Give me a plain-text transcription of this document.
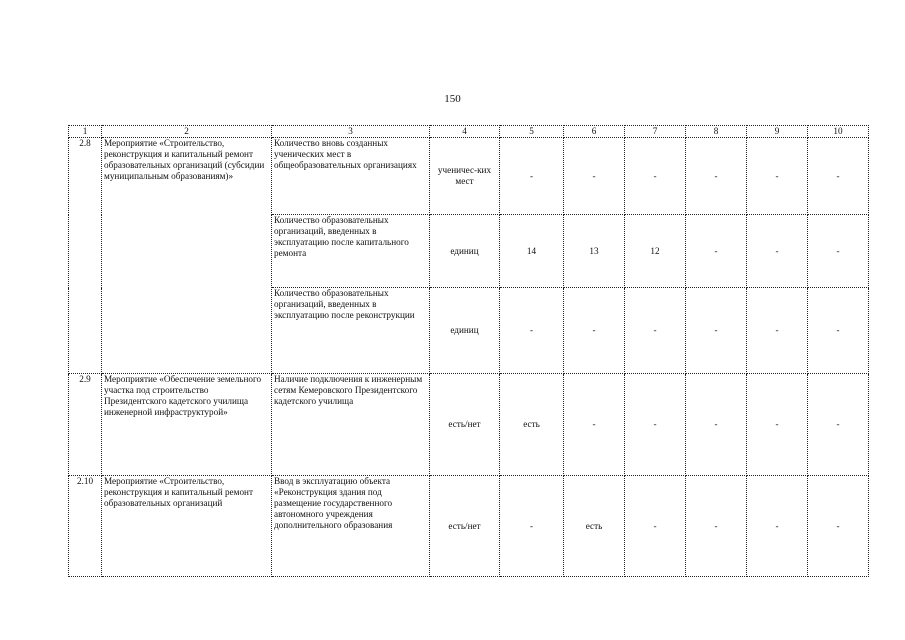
150
1	2	3	4	5	6	7	8	9	10
2.8	Мероприятие «Строительство, реконструкция и капитальный ремонт образовательных организаций (субсидии муниципальным образованиям)»	Количество вновь созданных ученических мест в общеобразовательных организациях	ученичес-ких мест	-	-	-	-	-	-
		Количество образовательных организаций, введенных в эксплуатацию после капитального ремонта	единиц	14	13	12	-	-	-
		Количество образовательных организаций, введенных в эксплуатацию после реконструкции	единиц	-	-	-	-	-	-
2.9	Мероприятие «Обеспечение земельного участка под строительство Президентского кадетского училища инженерной инфраструктурой»	Наличие подключения к инженерным сетям Кемеровского Президентского кадетского училища	есть/нет	есть	-	-	-	-	-
2.10	Мероприятие «Строительство, реконструкция и капитальный ремонт образовательных организаций	Ввод в эксплуатацию объекта «Реконструкция здания под размещение государственного автономного учреждения дополнительного образования	есть/нет	-	есть	-	-	-	-
